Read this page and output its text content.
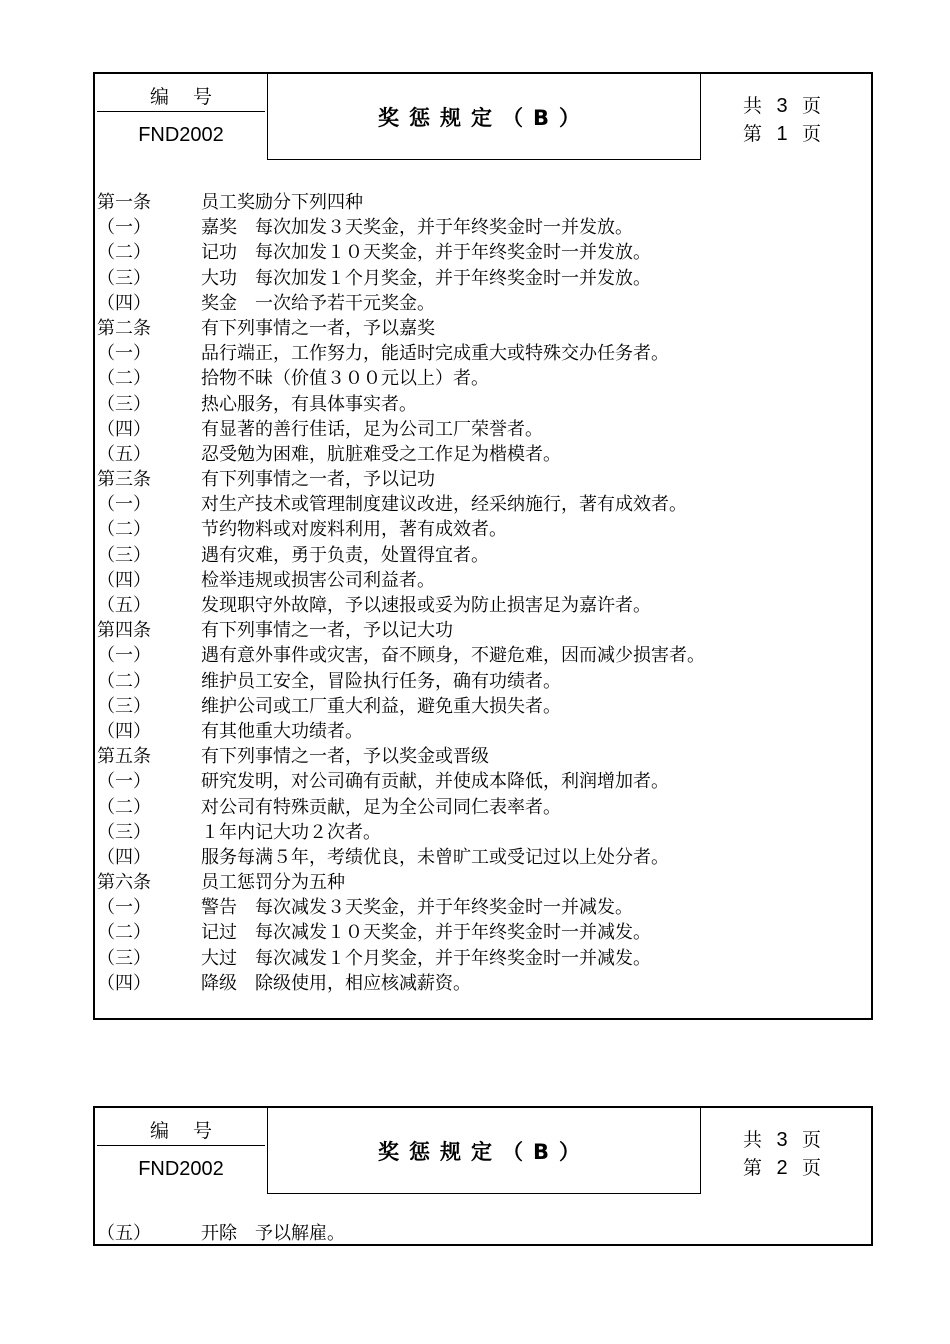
编号
FND2002
奖惩规定（B）	共 3 页
第 1 页
第一条	员工奖励分下列四种
（一）	嘉奖　每次加发３天奖金，并于年终奖金时一并发放。
（二）	记功　每次加发１０天奖金，并于年终奖金时一并发放。
（三）	大功　每次加发１个月奖金，并于年终奖金时一并发放。
（四）	奖金　一次给予若干元奖金。
第二条	有下列事情之一者，予以嘉奖
（一）	品行端正，工作努力，能适时完成重大或特殊交办任务者。
（二）	拾物不昧（价值３００元以上）者。
（三）	热心服务，有具体事实者。
（四）	有显著的善行佳话，足为公司工厂荣誉者。
（五）	忍受勉为困难，肮脏难受之工作足为楷模者。
第三条	有下列事情之一者，予以记功
（一）	对生产技术或管理制度建议改进，经采纳施行，著有成效者。
（二）	节约物料或对废料利用，著有成效者。
（三）	遇有灾难，勇于负责，处置得宜者。
（四）	检举违规或损害公司利益者。
（五）	发现职守外故障，予以速报或妥为防止损害足为嘉许者。
第四条	有下列事情之一者，予以记大功
（一）	遇有意外事件或灾害，奋不顾身，不避危难，因而减少损害者。
（二）	维护员工安全，冒险执行任务，确有功绩者。
（三）	维护公司或工厂重大利益，避免重大损失者。
（四）	有其他重大功绩者。
第五条	有下列事情之一者，予以奖金或晋级
（一）	研究发明，对公司确有贡献，并使成本降低，利润增加者。
（二）	对公司有特殊贡献，足为全公司同仁表率者。
（三）	１年内记大功２次者。
（四）	服务每满５年，考绩优良，未曾旷工或受记过以上处分者。
第六条	员工惩罚分为五种
（一）	警告　每次减发３天奖金，并于年终奖金时一并减发。
（二）	记过　每次减发１０天奖金，并于年终奖金时一并减发。
（三）	大过　每次减发１个月奖金，并于年终奖金时一并减发。
（四）	降级　除级使用，相应核减薪资。
编号
FND2002
奖惩规定（B）	共 3 页
第 2 页
（五）	开除　予以解雇。
